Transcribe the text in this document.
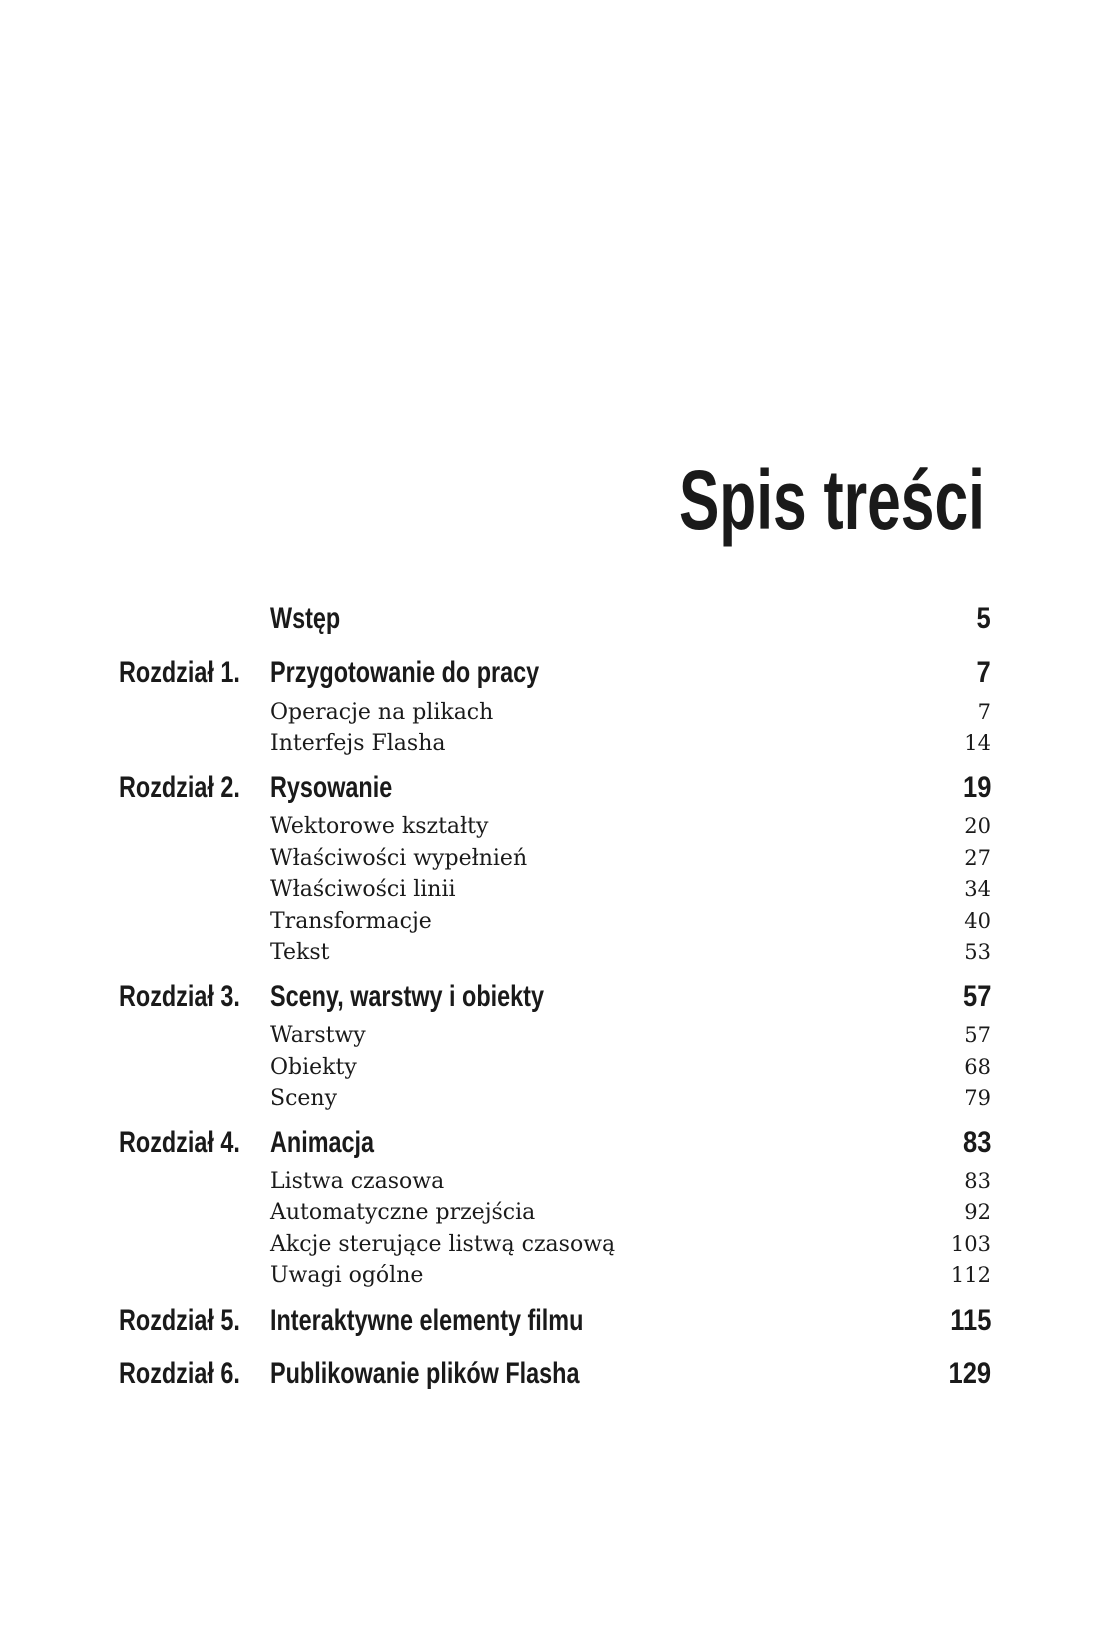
Spis treści
Wstęp	5
Rozdział 1. Przygotowanie do pracy	7
Operacje na plikach	7
Interfejs Flasha	14
Rozdział 2. Rysowanie	19
Wektorowe kształty	20
Właściwości wypełnień	27
Właściwości linii	34
Transformacje	40
Tekst	53
Rozdział 3. Sceny, warstwy i obiekty	57
Warstwy	57
Obiekty	68
Sceny	79
Rozdział 4. Animacja	83
Listwa czasowa	83
Automatyczne przejścia	92
Akcje sterujące listwą czasową	103
Uwagi ogólne	112
Rozdział 5. Interaktywne elementy filmu	115
Rozdział 6. Publikowanie plików Flasha	129
